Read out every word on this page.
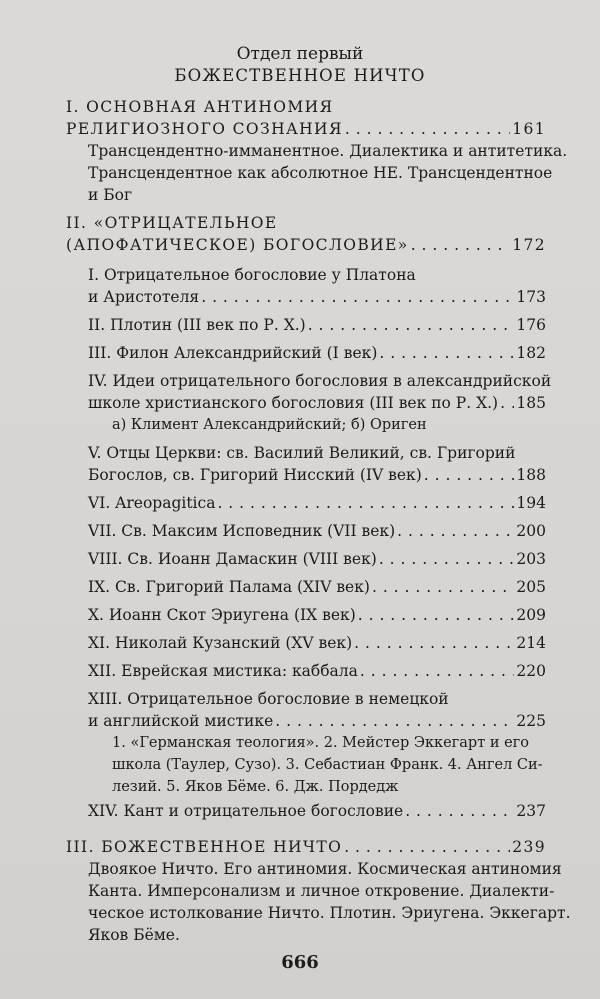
Отдел первый
БОЖЕСТВЕННОЕ НИЧТО
I. ОСНОВНАЯ АНТИНОМИЯ
РЕЛИГИОЗНОГО СОЗНАНИЯ . . .	161
Трансцендентно-имманентное. Диалектика и антитетика.
Трансцендентное как абсолютное НЕ. Трансцендентное
и Бог
II. «ОТРИЦАТЕЛЬНОЕ
(АПОФАТИЧЕСКОЕ) БОГОСЛОВИЕ» . . .	172
I. Отрицательное богословие у Платона
и Аристотеля . . .	173
II. Плотин (III век по Р. Х.) . . .	176
III. Филон Александрийский (I век) . . .	182
IV. Идеи отрицательного богословия в александрийской
школе христианского богословия (III век по Р. Х.) . . . 185
а) Климент Александрийский; б) Ориген
V. Отцы Церкви: св. Василий Великий, св. Григорий
Богослов, св. Григорий Нисский (IV век) . . .	188
VI. Areopagitica . . .	194
VII. Св. Максим Исповедник (VII век) . . .	200
VIII. Св. Иоанн Дамаскин (VIII век) . . .	203
IX. Св. Григорий Палама (XIV век) . . .	205
X. Иоанн Скот Эриугена (IX век) . . .	209
XI. Николай Кузанский (XV век) . . .	214
XII. Еврейская мистика: каббала . . .	220
XIII. Отрицательное богословие в немецкой
и английской мистике . . .	225
1. «Германская теология». 2. Мейстер Эккегарт и его
школа (Таулер, Сузо). 3. Себастиан Франк. 4. Ангел Си-
лезий. 5. Яков Бёме. 6. Дж. Пордедж
XIV. Кант и отрицательное богословие . . .	237
III. БОЖЕСТВЕННОЕ НИЧТО . . .	239
Двоякое Ничто. Его антиномия. Космическая антиномия
Канта. Имперсонализм и личное откровение. Диалекти-
ческое истолкование Ничто. Плотин. Эриугена. Эккегарт.
Яков Бёме.
666
